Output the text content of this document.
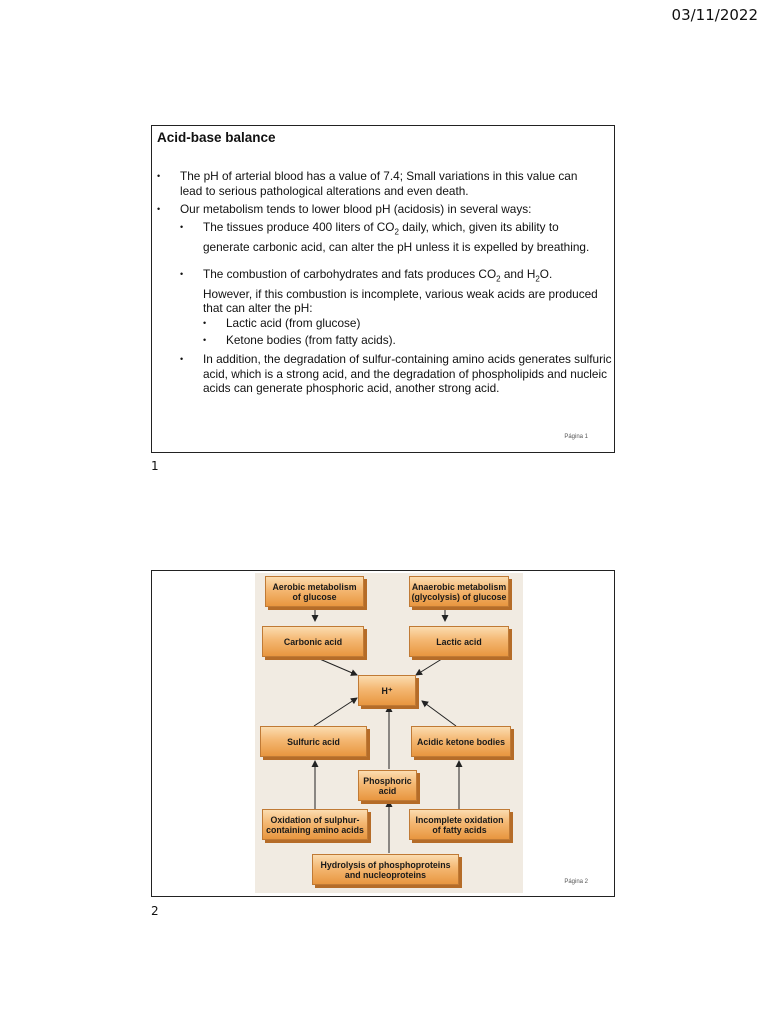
03/11/2022
Acid-base balance
• The pH of arterial blood has a value of 7.4; Small variations in this value can lead to serious pathological alterations and even death.
• Our metabolism tends to lower blood pH (acidosis) in several ways:
• The tissues produce 400 liters of $CO_2$ daily, which, given its ability to generate carbonic acid, can alter the pH unless it is expelled by breathing.
• The combustion of carbohydrates and fats produces $CO_2$ and $H_2O$. However, if this combustion is incomplete, various weak acids are produced that can alter the pH:
• Lactic acid (from glucose)
• Ketone bodies (from fatty acids).
• In addition, the degradation of sulfur-containing amino acids generates sulfuric acid, which is a strong acid, and the degradation of phospholipids and nucleic acids can generate phosphoric acid, another strong acid.
Página 1
1
Aerobic metabolism
of glucose
Anaerobic metabolism
(glycolysis) of glucose
Carbonic acid	Lactic acid
H⁺
Sulfuric acid	Acidic ketone bodies
Phosphoric
acid
Oxidation of sulphur-
containing amino acids
Incomplete oxidation
of fatty acids
Hydrolysis of phosphoproteins
and nucleoproteins
Página 2
2
